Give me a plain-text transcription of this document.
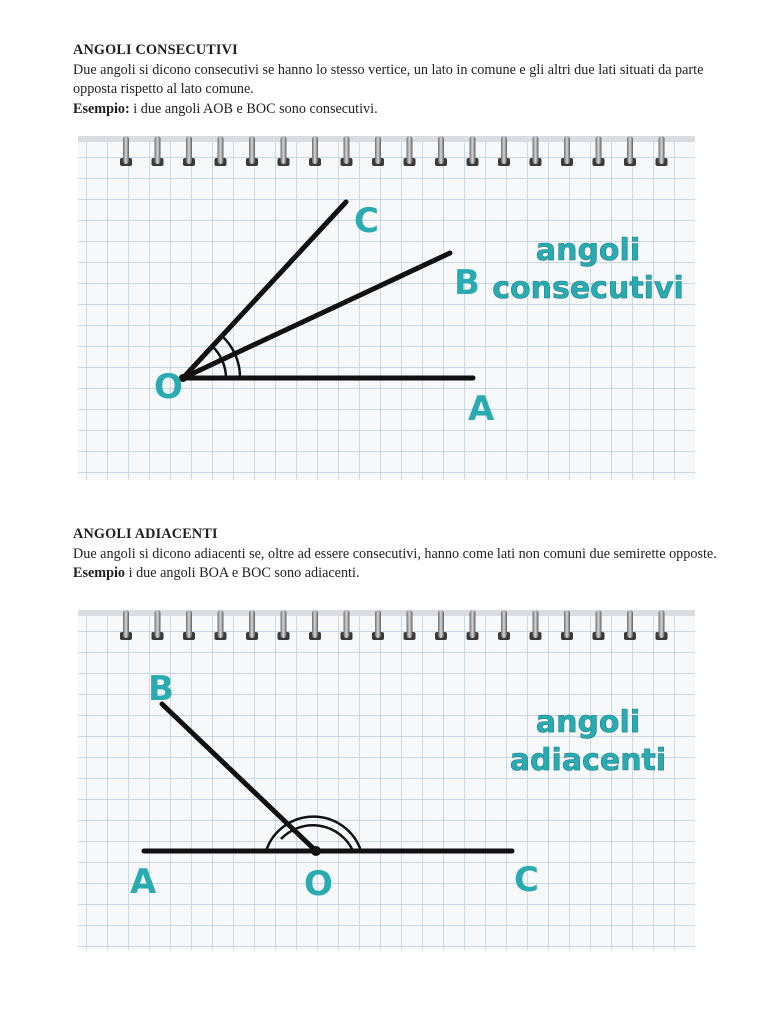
ANGOLI CONSECUTIVI
Due angoli si dicono consecutivi se hanno lo stesso vertice, un lato in comune e gli altri due lati situati da parte opposta rispetto al lato comune.
Esempio: i due angoli AOB e BOC sono consecutivi.
O
A
B
C
angoli
consecutivi
ANGOLI ADIACENTI
Due angoli si dicono adiacenti se, oltre ad essere consecutivi, hanno come lati non comuni due semirette opposte.
Esempio i due angoli BOA e BOC sono adiacenti.
A	O	C
B
angoli
adiacenti
